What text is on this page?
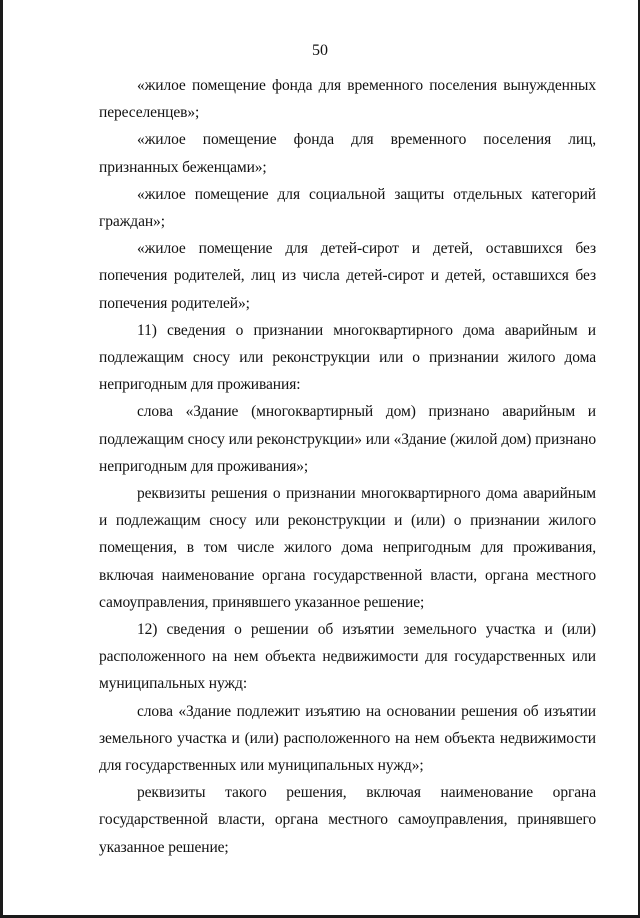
50

«жилое помещение фонда для временного поселения вынужденных переселенцев»;

«жилое помещение фонда для временного поселения лиц, признанных беженцами»;

«жилое помещение для социальной защиты отдельных категорий граждан»;

«жилое помещение для детей-сирот и детей, оставшихся без попечения родителей, лиц из числа детей-сирот и детей, оставшихся без попечения родителей»;

11) сведения о признании многоквартирного дома аварийным и подлежащим сносу или реконструкции или о признании жилого дома непригодным для проживания:

слова «Здание (многоквартирный дом) признано аварийным и подлежащим сносу или реконструкции» или «Здание (жилой дом) признано непригодным для проживания»;

реквизиты решения о признании многоквартирного дома аварийным и подлежащим сносу или реконструкции и (или) о признании жилого помещения, в том числе жилого дома непригодным для проживания, включая наименование органа государственной власти, органа местного самоуправления, принявшего указанное решение;

12) сведения о решении об изъятии земельного участка и (или) расположенного на нем объекта недвижимости для государственных или муниципальных нужд:

слова «Здание подлежит изъятию на основании решения об изъятии земельного участка и (или) расположенного на нем объекта недвижимости для государственных или муниципальных нужд»;

реквизиты такого решения, включая наименование органа государственной власти, органа местного самоуправления, принявшего указанное решение;
